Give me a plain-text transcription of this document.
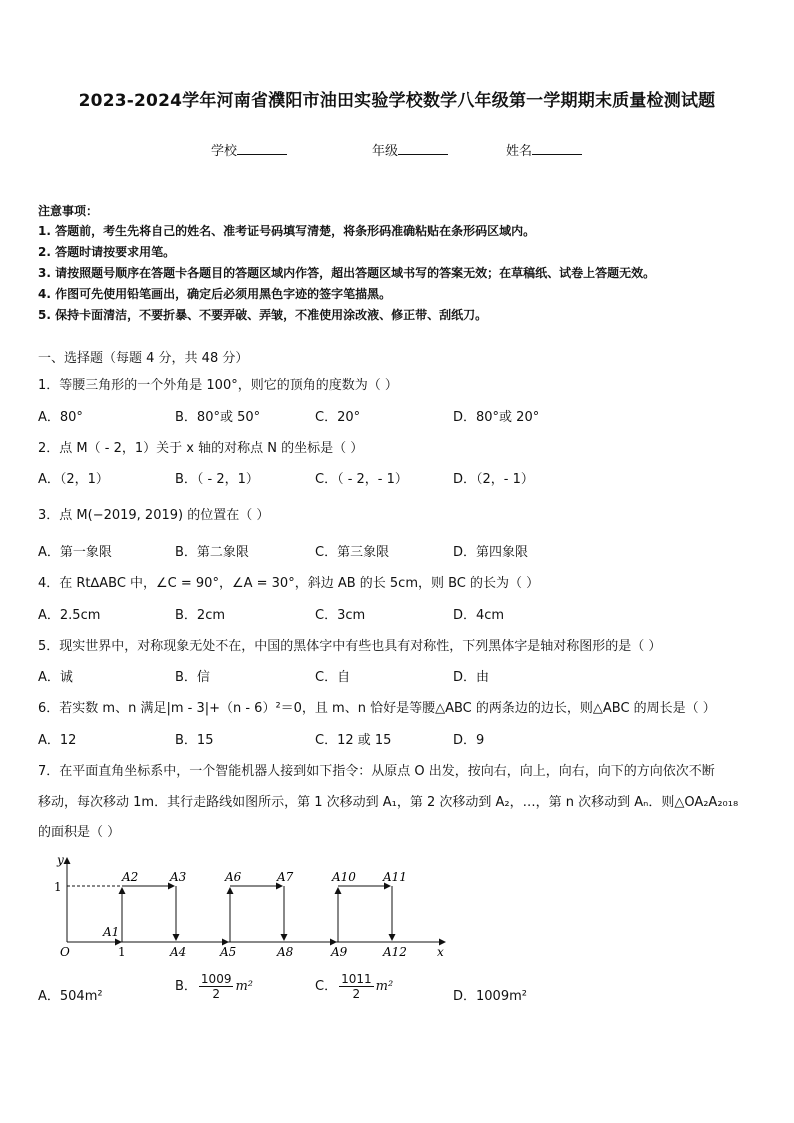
2023-2024学年河南省濮阳市油田实验学校数学八年级第一学期期末质量检测试题
学校	年级	姓名
注意事项：
1. 答题前，考生先将自己的姓名、准考证号码填写清楚，将条形码准确粘贴在条形码区域内。
2. 答题时请按要求用笔。
3. 请按照题号顺序在答题卡各题目的答题区域内作答，超出答题区域书写的答案无效；在草稿纸、试卷上答题无效。
4. 作图可先使用铅笔画出，确定后必须用黑色字迹的签字笔描黑。
5. 保持卡面清洁，不要折暴、不要弄破、弄皱，不准使用涂改液、修正带、刮纸刀。
一、选择题（每题 4 分，共 48 分）
1．等腰三角形的一个外角是 100°，则它的顶角的度数为（ ）
A．80°	B．80°或 50°	C．20°	D．80°或 20°
2．点 M（ - 2，1）关于 x 轴的对称点 N 的坐标是（ ）
A．（2，1）	B．（ - 2，1）	C．（ - 2，- 1）	D．（2，- 1）
3．点 M(−2019, 2019) 的位置在（ ）
A．第一象限	B．第二象限	C．第三象限	D．第四象限
4．在 Rt∆ABC 中，∠C = 90°，∠A = 30°，斜边 AB 的长 5cm，则 BC 的长为（ ）
A．2.5cm	B．2cm	C．3cm	D．4cm
5．现实世界中，对称现象无处不在，中国的黑体字中有些也具有对称性，下列黑体字是轴对称图形的是（ ）
A．诚	B．信	C．自	D．由
6．若实数 m、n 满足|m - 3|+（n - 6）²＝0，且 m、n 恰好是等腰△ABC 的两条边的边长，则△ABC 的周长是（ ）
A．12	B．15	C．12 或 15	D．9
7．在平面直角坐标系中，一个智能机器人接到如下指令：从原点 O 出发，按向右，向上，向右，向下的方向依次不断
移动，每次移动 1m．其行走路线如图所示，第 1 次移动到 A₁，第 2 次移动到 A₂，…，第 n 次移动到 Aₙ．则△OA₂A₂₀₁₈
的面积是（ ）
y
x
O
1
1
A1
A2	A3
A4	A5
A6	A7
A8	A9
A10 A11
A12
A．504m²
B． $\frac{1009}{2} m^2$	C． $\frac{1011}{2} m^2$
D．1009m²
